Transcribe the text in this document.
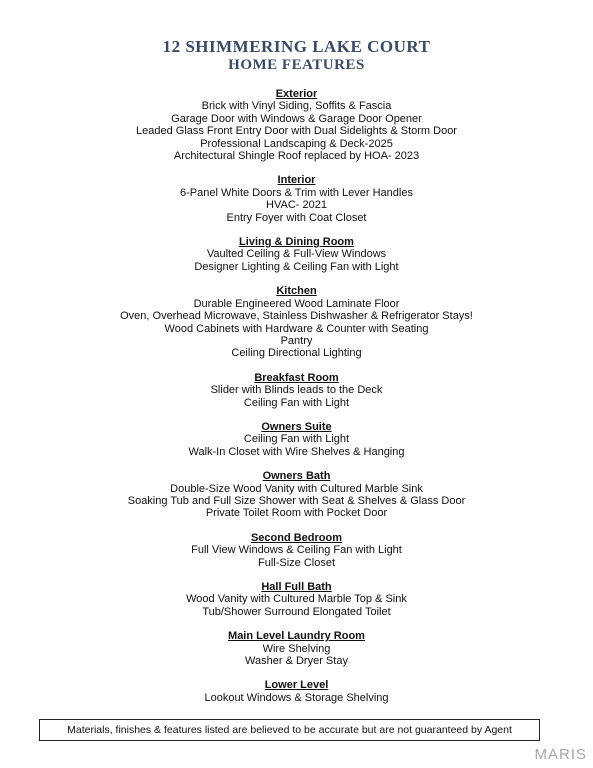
12 SHIMMERING LAKE COURT
HOME FEATURES
Exterior
Brick with Vinyl Siding, Soffits & Fascia
Garage Door with Windows & Garage Door Opener
Leaded Glass Front Entry Door with Dual Sidelights & Storm Door
Professional Landscaping & Deck-2025
Architectural Shingle Roof replaced by HOA- 2023
Interior
6-Panel White Doors & Trim with Lever Handles
HVAC- 2021
Entry Foyer with Coat Closet
Living & Dining Room
Vaulted Ceiling & Full-View Windows
Designer Lighting & Ceiling Fan with Light
Kitchen
Durable Engineered Wood Laminate Floor
Oven, Overhead Microwave, Stainless Dishwasher & Refrigerator Stays!
Wood Cabinets with Hardware & Counter with Seating
Pantry
Ceiling Directional Lighting
Breakfast Room
Slider with Blinds leads to the Deck
Ceiling Fan with Light
Owners Suite
Ceiling Fan with Light
Walk-In Closet with Wire Shelves & Hanging
Owners Bath
Double-Size Wood Vanity with Cultured Marble Sink
Soaking Tub and Full Size Shower with Seat & Shelves & Glass Door
Private Toilet Room with Pocket Door
Second Bedroom
Full View Windows & Ceiling Fan with Light
Full-Size Closet
Hall Full Bath
Wood Vanity with Cultured Marble Top & Sink
Tub/Shower Surround Elongated Toilet
Main Level Laundry Room
Wire Shelving
Washer & Dryer Stay
Lower Level
Lookout Windows & Storage Shelving
Materials, finishes & features listed are believed to be accurate but are not guaranteed by Agent
MARIS
